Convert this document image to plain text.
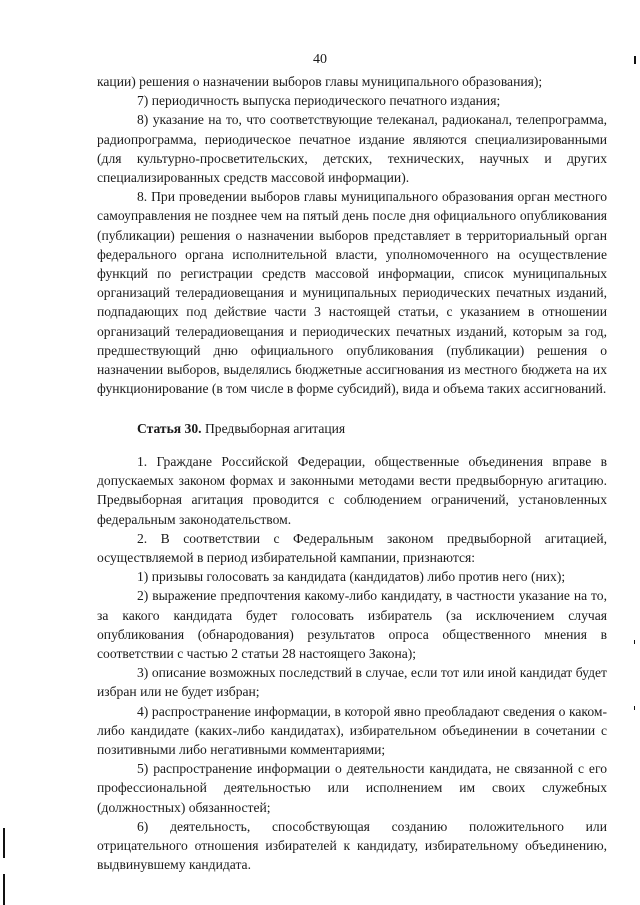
40

кации) решения о назначении выборов главы муниципального образования);

7) периодичность выпуска периодического печатного издания;

8) указание на то, что соответствующие телеканал, радиоканал, телепрограмма, радиопрограмма, периодическое печатное издание являются специализированными (для культурно-просветительских, детских, технических, научных и других специализированных средств массовой информации).

8. При проведении выборов главы муниципального образования орган местного самоуправления не позднее чем на пятый день после дня официального опубликования (публикации) решения о назначении выборов представляет в территориальный орган федерального органа исполнительной власти, уполномоченного на осуществление функций по регистрации средств массовой информации, список муниципальных организаций телерадиовещания и муниципальных периодических печатных изданий, подпадающих под действие части 3 настоящей статьи, с указанием в отношении организаций телерадиовещания и периодических печатных изданий, которым за год, предшествующий дню официального опубликования (публикации) решения о назначении выборов, выделялись бюджетные ассигнования из местного бюджета на их функционирование (в том числе в форме субсидий), вида и объема таких ассигнований.

Статья 30. Предвыборная агитация

1. Граждане Российской Федерации, общественные объединения вправе в допускаемых законом формах и законными методами вести предвыборную агитацию. Предвыборная агитация проводится с соблюдением ограничений, установленных федеральным законодательством.

2. В соответствии с Федеральным законом предвыборной агитацией, осуществляемой в период избирательной кампании, признаются:

1) призывы голосовать за кандидата (кандидатов) либо против него (них);

2) выражение предпочтения какому-либо кандидату, в частности указание на то, за какого кандидата будет голосовать избиратель (за исключением случая опубликования (обнародования) результатов опроса общественного мнения в соответствии с частью 2 статьи 28 настоящего Закона);

3) описание возможных последствий в случае, если тот или иной кандидат будет избран или не будет избран;

4) распространение информации, в которой явно преобладают сведения о каком-либо кандидате (каких-либо кандидатах), избирательном объединении в сочетании с позитивными либо негативными комментариями;

5) распространение информации о деятельности кандидата, не связанной с его профессиональной деятельностью или исполнением им своих служебных (должностных) обязанностей;

6) деятельность, способствующая созданию положительного или отрицательного отношения избирателей к кандидату, избирательному объединению, выдвинувшему кандидата.
